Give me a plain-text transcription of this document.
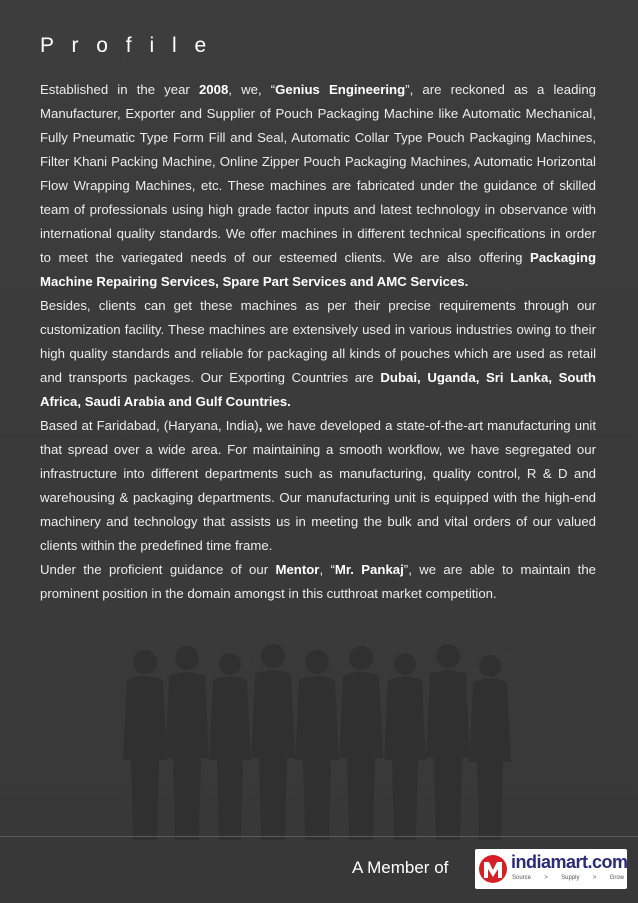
P r o f i l e

Established in the year 2008, we, “Genius Engineering”, are reckoned as a leading Manufacturer, Exporter and Supplier of Pouch Packaging Machine like Automatic Mechanical, Fully Pneumatic Type Form Fill and Seal, Automatic Collar Type Pouch Packaging Machines, Filter Khani Packing Machine, Online Zipper Pouch Packaging Machines, Automatic Horizontal Flow Wrapping Machines, etc. These machines are fabricated under the guidance of skilled team of professionals using high grade factor inputs and latest technology in observance with international quality standards. We offer machines in different technical specifications in order to meet the variegated needs of our esteemed clients. We are also offering Packaging Machine Repairing Services, Spare Part Services and AMC Services.

Besides, clients can get these machines as per their precise requirements through our customization facility. These machines are extensively used in various industries owing to their high quality standards and reliable for packaging all kinds of pouches which are used as retail and transports packages. Our Exporting Countries are Dubai, Uganda, Sri Lanka, South Africa, Saudi Arabia and Gulf Countries.

Based at Faridabad, (Haryana, India), we have developed a state-of-the-art manufacturing unit that spread over a wide area. For maintaining a smooth workflow, we have segregated our infrastructure into different departments such as manufacturing, quality control, R & D and warehousing & packaging departments. Our manufacturing unit is equipped with the high-end machinery and technology that assists us in meeting the bulk and vital orders of our valued clients within the predefined time frame.

Under the proficient guidance of our Mentor, “Mr. Pankaj”, we are able to maintain the prominent position in the domain amongst in this cutthroat market competition.

A Member of	indiamart.com
Source > Supply > Grow
